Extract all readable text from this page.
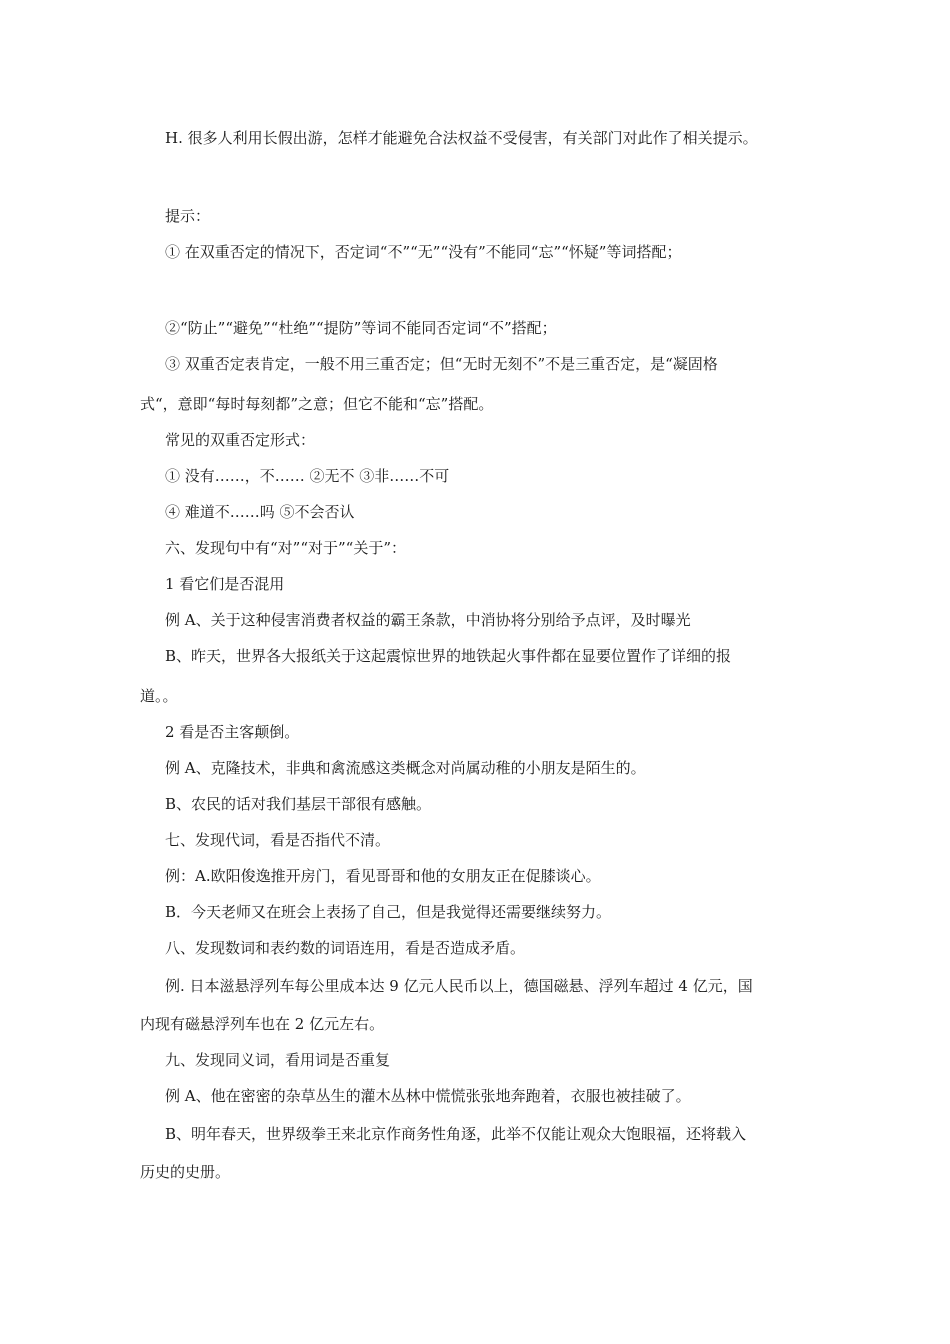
H. 很多人利用长假出游，怎样才能避免合法权益不受侵害，有关部门对此作了相关提示。
提示：
① 在双重否定的情况下，否定词“不”“无”“没有”不能同“忘”“怀疑”等词搭配；
②“防止”“避免”“杜绝”“提防”等词不能同否定词“不”搭配；
③ 双重否定表肯定，一般不用三重否定；但“无时无刻不”不是三重否定，是“凝固格
式“，意即“每时每刻都”之意；但它不能和“忘”搭配。
常见的双重否定形式：
① 没有……，不…… ②无不 ③非……不可
④ 难道不……吗 ⑤不会否认
六、发现句中有“对”“对于”“关于”：
1 看它们是否混用
例 A、关于这种侵害消费者权益的霸王条款，中消协将分别给予点评，及时曝光
B、昨天，世界各大报纸关于这起震惊世界的地铁起火事件都在显要位置作了详细的报
道。。
2 看是否主客颠倒。
例 A、克隆技术，非典和禽流感这类概念对尚属动稚的小朋友是陌生的。
B、农民的话对我们基层干部很有感触。
七、发现代词，看是否指代不清。
例：A.欧阳俊逸推开房门，看见哥哥和他的女朋友正在促膝谈心。
B．今天老师又在班会上表扬了自己，但是我觉得还需要继续努力。
八、发现数词和表约数的词语连用，看是否造成矛盾。
例. 日本滋悬浮列车每公里成本达 9 亿元人民币以上，德国磁悬、浮列车超过 4 亿元，国
内现有磁悬浮列车也在 2 亿元左右。
九、发现同义词，看用词是否重复
例 A、他在密密的杂草丛生的灌木丛林中慌慌张张地奔跑着，衣服也被挂破了。
B、明年春天，世界级拳王来北京作商务性角逐，此举不仅能让观众大饱眼福，还将载入
历史的史册。
